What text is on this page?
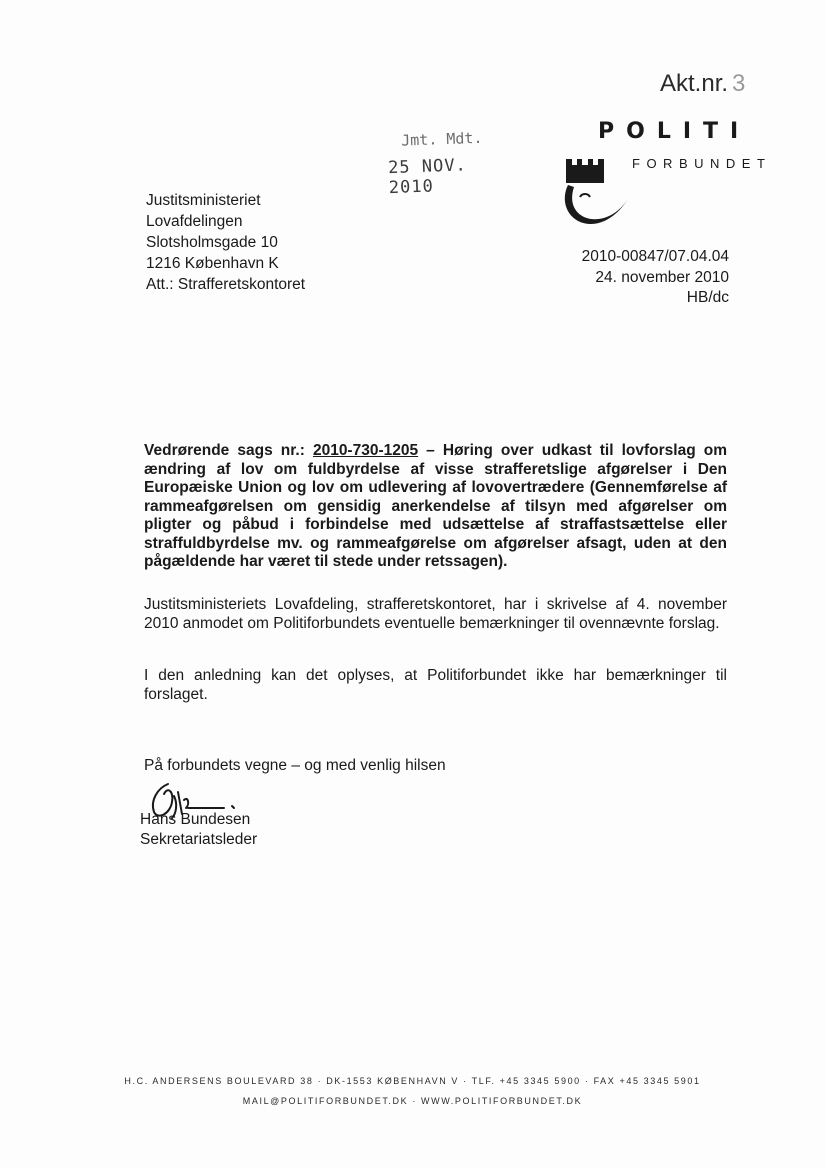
Akt.nr. 3
Jmt. Mdt.
25 NOV. 2010
POLITI
FORBUNDET
Justitsministeriet
Lovafdelingen
Slotsholmsgade 10
1216 København K
Att.: Strafferetskontoret
2010-00847/07.04.04
24. november 2010
HB/dc
Vedrørende sags nr.: 2010-730-1205 – Høring over udkast til lovforslag om ændring af lov om fuldbyrdelse af visse strafferetslige afgørelser i Den Europæiske Union og lov om udlevering af lovovertrædere (Gennemførelse af rammeafgørelsen om gensidig anerkendelse af tilsyn med afgørelser om pligter og påbud i forbindelse med udsættelse af straffastsættelse eller straffuldbyrdelse mv. og rammeafgørelse om afgørelser afsagt, uden at den pågældende har været til stede under retssagen).
Justitsministeriets Lovafdeling, strafferetskontoret, har i skrivelse af 4. november 2010 anmodet om Politiforbundets eventuelle bemærkninger til ovennævnte forslag.
I den anledning kan det oplyses, at Politiforbundet ikke har bemærkninger til forslaget.
På forbundets vegne – og med venlig hilsen
Hans Bundesen
Sekretariatsleder
H.C. ANDERSENS BOULEVARD 38 · DK-1553 KØBENHAVN V · TLF. +45 3345 5900 · FAX +45 3345 5901
MAIL@POLITIFORBUNDET.DK · WWW.POLITIFORBUNDET.DK
